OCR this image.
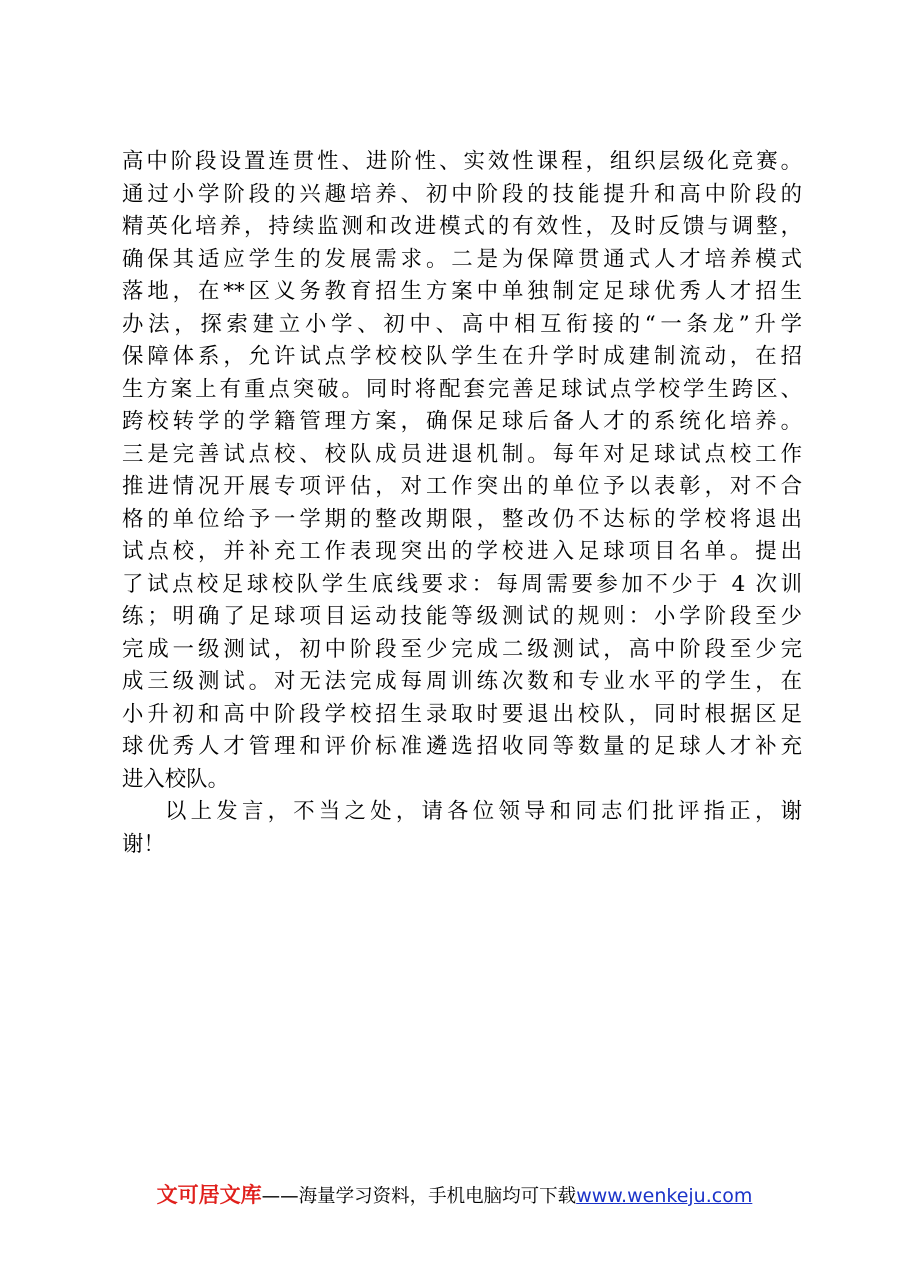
高中阶段设置连贯性、进阶性、实效性课程，组织层级化竞赛。
通过小学阶段的兴趣培养、初中阶段的技能提升和高中阶段的
精英化培养，持续监测和改进模式的有效性，及时反馈与调整，
确保其适应学生的发展需求。二是为保障贯通式人才培养模式
落地，在**区义务教育招生方案中单独制定足球优秀人才招生
办法，探索建立小学、初中、高中相互衔接的“一条龙”升学
保障体系，允许试点学校校队学生在升学时成建制流动，在招
生方案上有重点突破。同时将配套完善足球试点学校学生跨区、
跨校转学的学籍管理方案，确保足球后备人才的系统化培养。
三是完善试点校、校队成员进退机制。每年对足球试点校工作
推进情况开展专项评估，对工作突出的单位予以表彰，对不合
格的单位给予一学期的整改期限，整改仍不达标的学校将退出
试点校，并补充工作表现突出的学校进入足球项目名单。提出
了试点校足球校队学生底线要求：每周需要参加不少于 4 次训
练；明确了足球项目运动技能等级测试的规则：小学阶段至少
完成一级测试，初中阶段至少完成二级测试，高中阶段至少完
成三级测试。对无法完成每周训练次数和专业水平的学生，在
小升初和高中阶段学校招生录取时要退出校队，同时根据区足
球优秀人才管理和评价标准遴选招收同等数量的足球人才补充
进入校队。
以上发言，不当之处，请各位领导和同志们批评指正，谢
谢！
文可居文库——海量学习资料，手机电脑均可下载www.wenkeju.com
